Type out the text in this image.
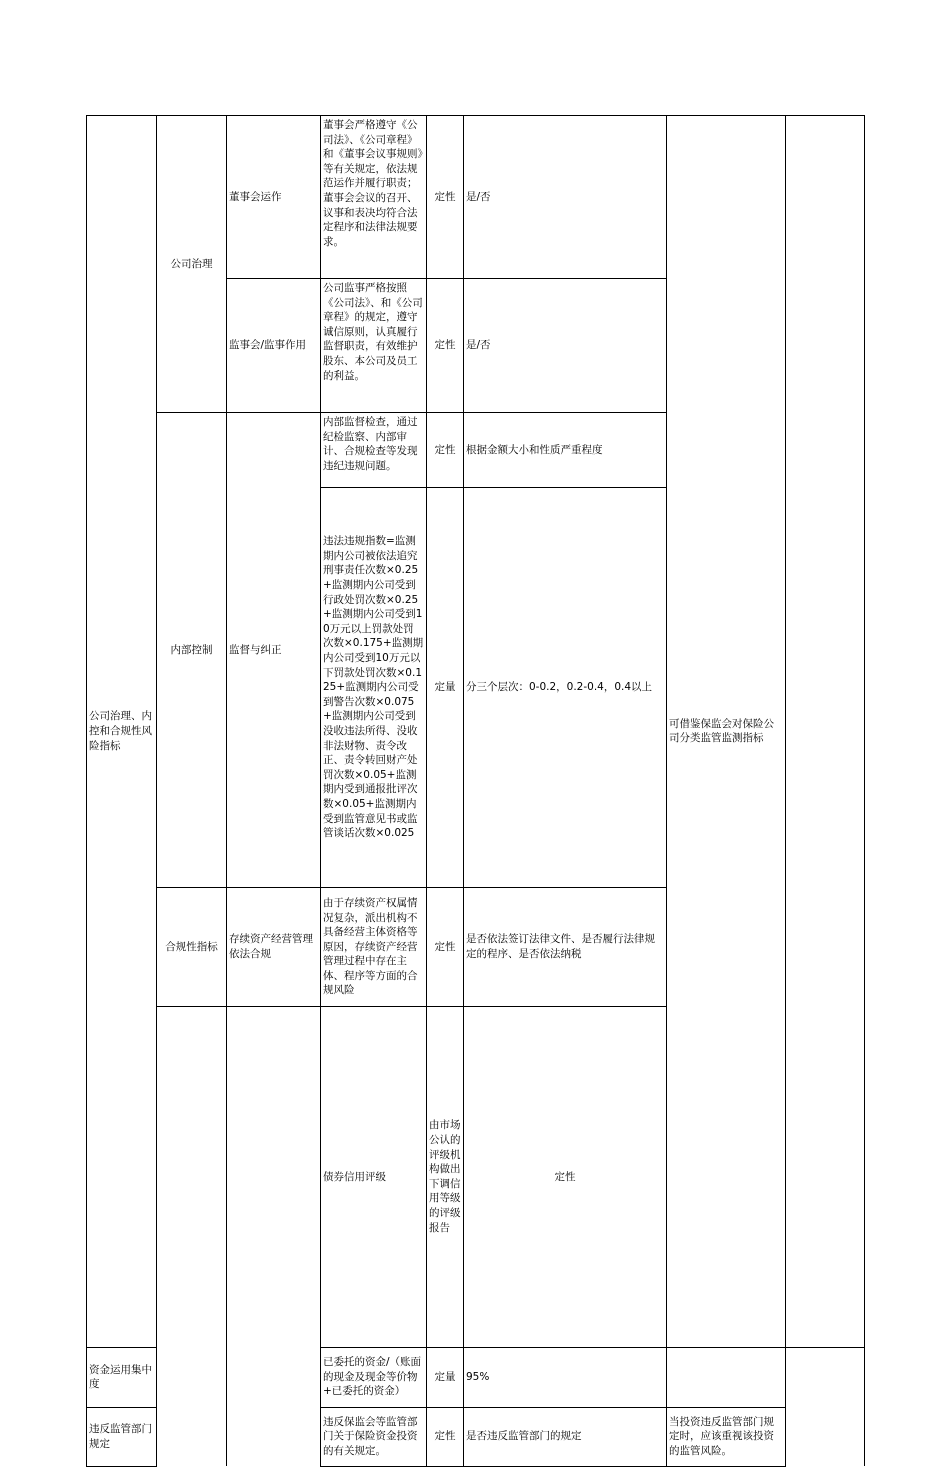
公司治理、内控和合规性风险指标	公司治理	董事会运作	董事会严格遵守《公司法》、《公司章程》和《董事会议事规则》等有关规定，依法规范运作并履行职责；董事会会议的召开、议事和表决均符合法定程序和法律法规要求。	定性	是/否	可借鉴保监会对保险公司分类监管监测指标		
		监事会/监事作用	公司监事严格按照《公司法》、和《公司章程》的规定，遵守诚信原则，认真履行监督职责，有效维护股东、本公司及员工的利益。	定性	是/否			
	内部控制	监督与纠正	内部监督检查，通过纪检监察、内部审计、合规检查等发现违纪违规问题。	定性	根据金额大小和性质严重程度			
			违法违规指数=监测期内公司被依法追究刑事责任次数×0.25+监测期内公司受到行政处罚次数×0.25+监测期内公司受到10万元以上罚款处罚次数×0.175+监测期内公司受到10万元以下罚款处罚次数×0.125+监测期内公司受到警告次数×0.075+监测期内公司受到没收违法所得、没收非法财物、责令改正、责令转回财产处罚次数×0.05+监测期内受到通报批评次数×0.05+监测期内受到监管意见书或监管谈话次数×0.025	定量	分三个层次：0-0.2，0.2-0.4，0.4以上			
	合规性指标	存续资产经营管理依法合规	由于存续资产权属情况复杂，派出机构不具备经营主体资格等原因，存续资产经营管理过程中存在主体、程序等方面的合规风险	定性	是否依法签订法律文件、是否履行法律规定的程序、是否依法纳税			
			债券信用评级	由市场公认的评级机构做出下调信用等级的评级报告	定性			
资金运用集中度			已委托的资金/（账面的现金及现金等价物+已委托的资金）	定量	95%			
违反监管部门规定			违反保监会等监管部门关于保险资金投资的有关规定。	定性	是否违反监管部门的规定	当投资违反监管部门规定时，应该重视该投资的监管风险。		
